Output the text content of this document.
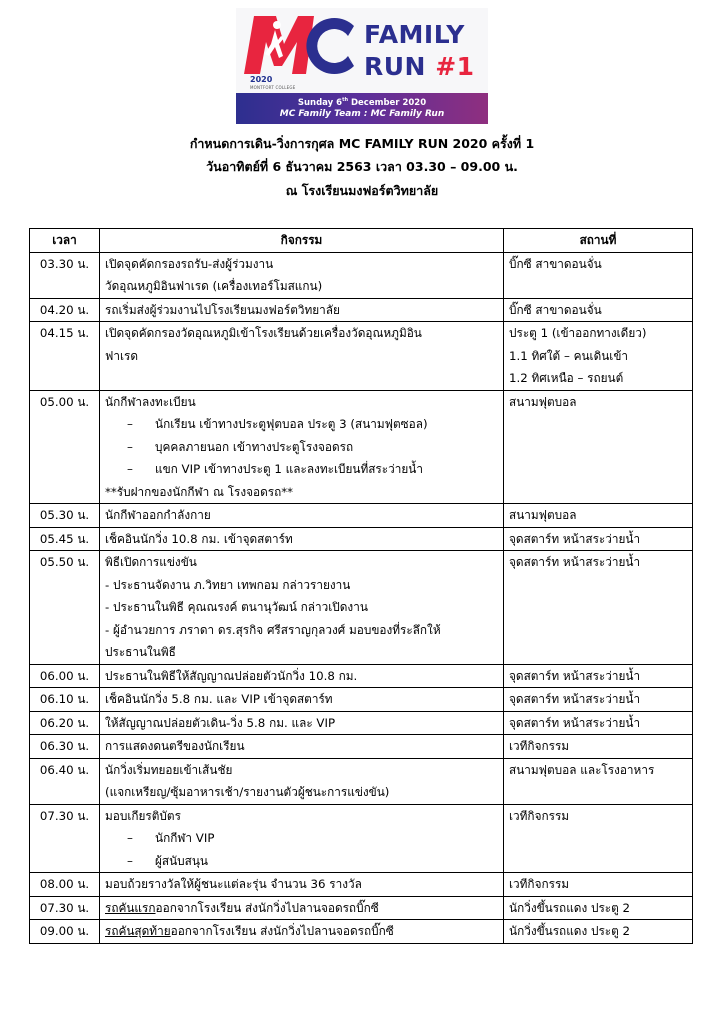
2020
MONTFORT COLLEGE
FAMILY
RUN #1
Sunday 6th December 2020
MC Family Team : MC Family Run
กำหนดการเดิน-วิ่งการกุศล MC FAMILY RUN 2020 ครั้งที่ 1
วันอาทิตย์ที่ 6 ธันวาคม 2563 เวลา 03.30 – 09.00 น.
ณ โรงเรียนมงฟอร์ตวิทยาลัย
เวลา	กิจกรรม	สถานที่
03.30 น.	เปิดจุดคัดกรองรถรับ-ส่งผู้ร่วมงาน
วัดอุณหภูมิอินฟาเรด (เครื่องเทอร์โมสแกน)	บิ๊กซี สาขาดอนจั่น

04.20 น.	รถเริ่มส่งผู้ร่วมงานไปโรงเรียนมงฟอร์ตวิทยาลัย	บิ๊กซี สาขาดอนจั่น

04.15 น.	เปิดจุดคัดกรองวัดอุณหภูมิเข้าโรงเรียนด้วยเครื่องวัดอุณหภูมิอิน
ฟาเรด	ประตู 1 (เข้าออกทางเดียว)
1.1 ทิศใต้ – คนเดินเข้า
1.2 ทิศเหนือ – รถยนต์

05.00 น.	นักกีฬาลงทะเบียน
– นักเรียน เข้าทางประตูฟุตบอล ประตู 3 (สนามฟุตซอล)
– บุคคลภายนอก เข้าทางประตูโรงจอดรถ
– แขก VIP เข้าทางประตู 1 และลงทะเบียนที่สระว่ายน้ำ
**รับฝากของนักกีฬา ณ โรงจอดรถ**	สนามฟุตบอล

05.30 น.	นักกีฬาออกกำลังกาย	สนามฟุตบอล

05.45 น.	เช็คอินนักวิ่ง 10.8 กม. เข้าจุดสตาร์ท	จุดสตาร์ท หน้าสระว่ายน้ำ

05.50 น.	พิธีเปิดการแข่งขัน
- ประธานจัดงาน ภ.วิทยา เทพกอม กล่าวรายงาน
- ประธานในพิธี คุณณรงค์ ตนานุวัฒน์ กล่าวเปิดงาน
- ผู้อำนวยการ ภราดา ดร.สุรกิจ ศรีสราญกุลวงศ์ มอบของที่ระลึกให้
ประธานในพิธี	จุดสตาร์ท หน้าสระว่ายน้ำ

06.00 น.	ประธานในพิธีให้สัญญาณปล่อยตัวนักวิ่ง 10.8 กม.	จุดสตาร์ท หน้าสระว่ายน้ำ

06.10 น.	เช็คอินนักวิ่ง 5.8 กม. และ VIP เข้าจุดสตาร์ท	จุดสตาร์ท หน้าสระว่ายน้ำ

06.20 น.	ให้สัญญาณปล่อยตัวเดิน-วิ่ง 5.8 กม. และ VIP	จุดสตาร์ท หน้าสระว่ายน้ำ

06.30 น.	การแสดงดนตรีของนักเรียน	เวทีกิจกรรม

06.40 น.	นักวิ่งเริ่มทยอยเข้าเส้นชัย
(แจกเหรียญ/ซุ้มอาหารเช้า/รายงานตัวผู้ชนะการแข่งขัน)	สนามฟุตบอล และโรงอาหาร

07.30 น.	มอบเกียรติบัตร
– นักกีฬา VIP
– ผู้สนับสนุน	เวทีกิจกรรม

08.00 น.	มอบถ้วยรางวัลให้ผู้ชนะแต่ละรุ่น จำนวน 36 รางวัล	เวทีกิจกรรม

07.30 น.	รถคันแรกออกจากโรงเรียน ส่งนักวิ่งไปลานจอดรถบิ๊กซี	นักวิ่งขึ้นรถแดง ประตู 2

09.00 น.	รถคันสุดท้ายออกจากโรงเรียน ส่งนักวิ่งไปลานจอดรถบิ๊กซี	นักวิ่งขึ้นรถแดง ประตู 2
